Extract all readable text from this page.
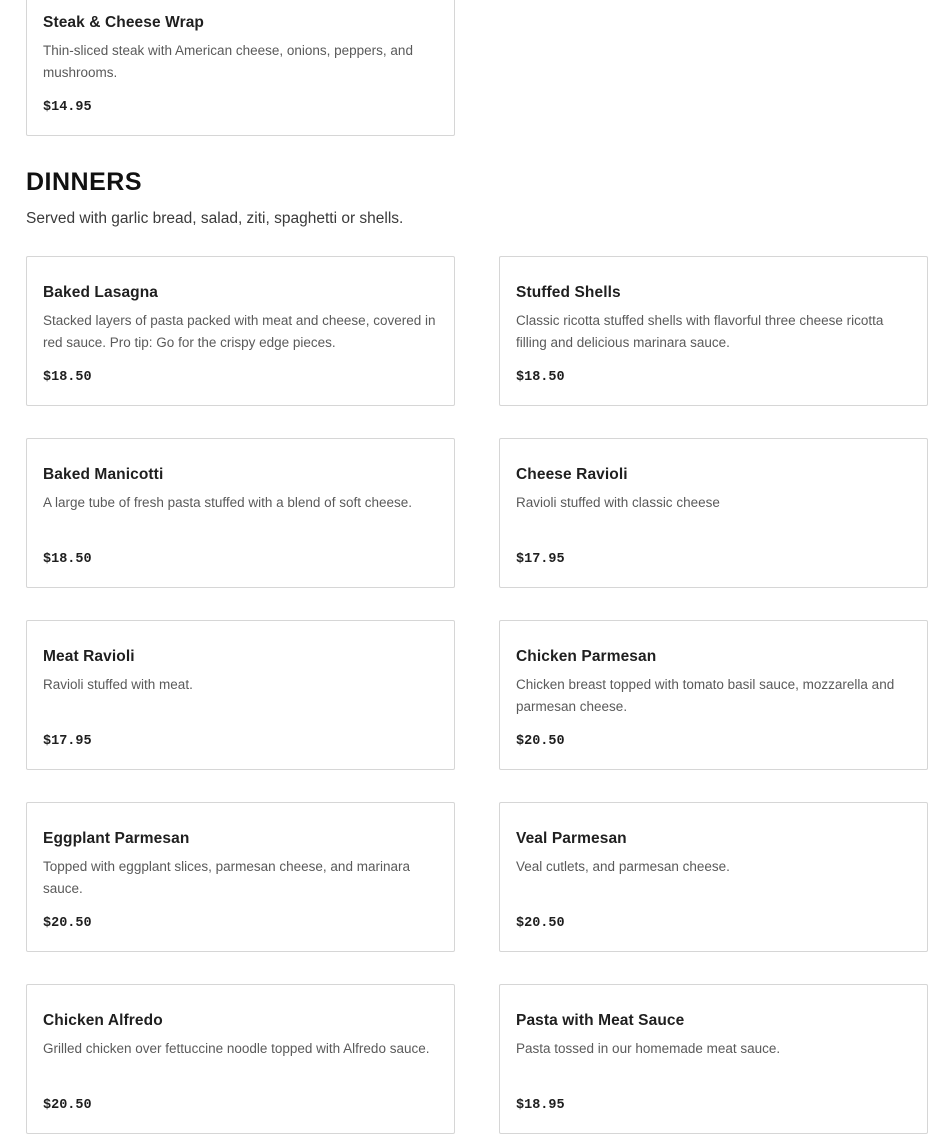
Steak & Cheese Wrap
Thin-sliced steak with American cheese, onions, peppers, and mushrooms.
$14.95
DINNERS
Served with garlic bread, salad, ziti, spaghetti or shells.
Baked Lasagna
Stacked layers of pasta packed with meat and cheese, covered in red sauce. Pro tip: Go for the crispy edge pieces.
$18.50
Stuffed Shells
Classic ricotta stuffed shells with flavorful three cheese ricotta filling and delicious marinara sauce.
$18.50
Baked Manicotti
A large tube of fresh pasta stuffed with a blend of soft cheese.
$18.50
Cheese Ravioli
Ravioli stuffed with classic cheese
$17.95
Meat Ravioli
Ravioli stuffed with meat.
$17.95
Chicken Parmesan
Chicken breast topped with tomato basil sauce, mozzarella and parmesan cheese.
$20.50
Eggplant Parmesan
Topped with eggplant slices, parmesan cheese, and marinara sauce.
$20.50
Veal Parmesan
Veal cutlets, and parmesan cheese.
$20.50
Chicken Alfredo
Grilled chicken over fettuccine noodle topped with Alfredo sauce.
$20.50
Pasta with Meat Sauce
Pasta tossed in our homemade meat sauce.
$18.95
